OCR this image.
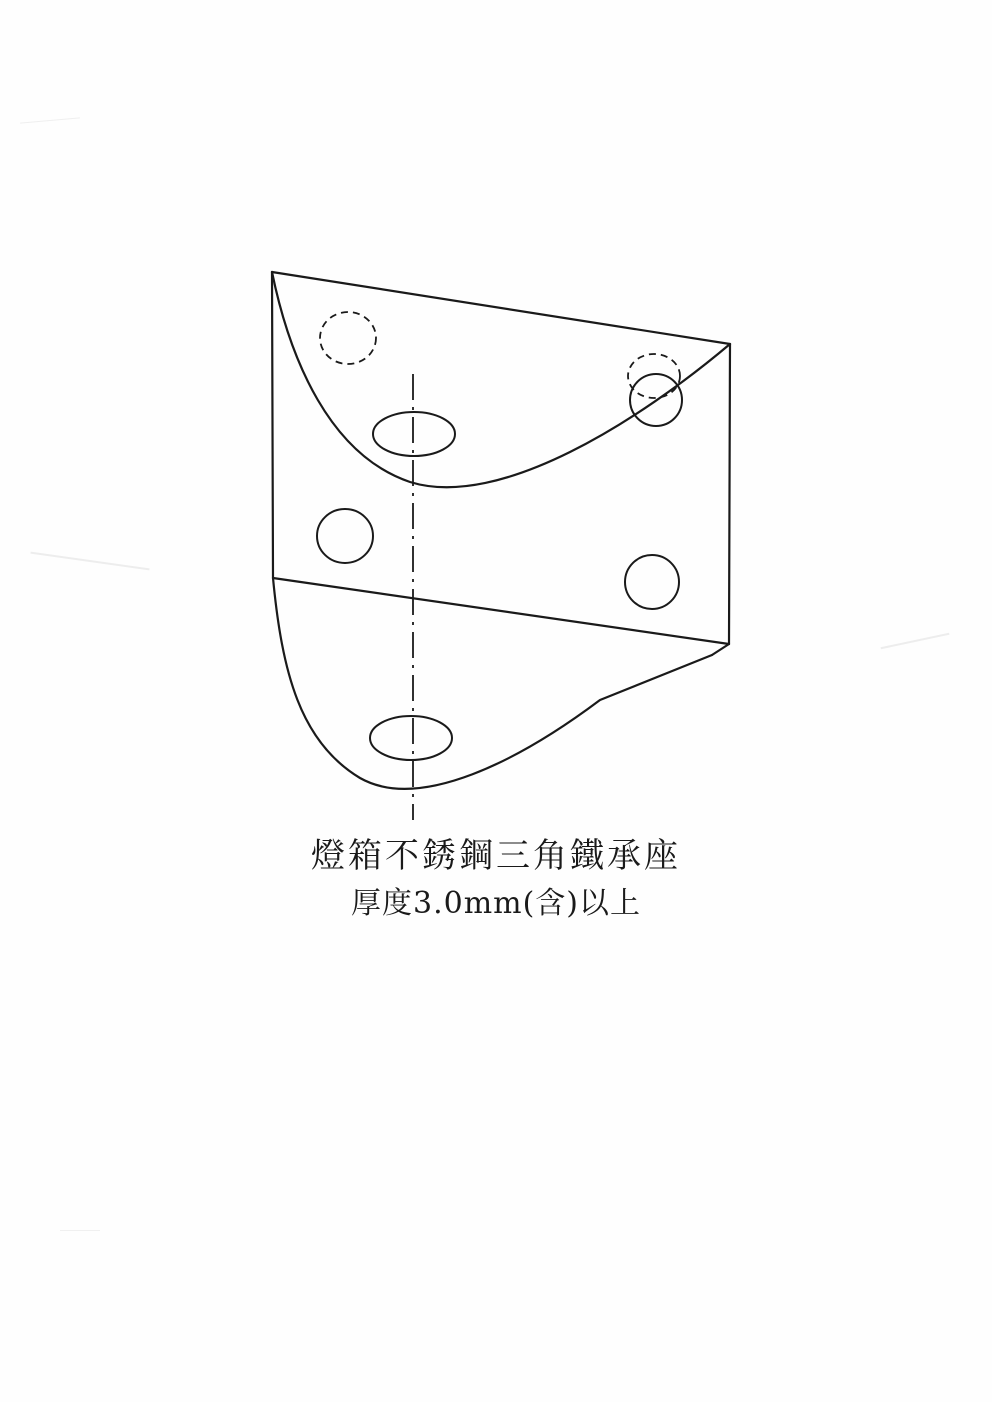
燈箱不銹鋼三角鐵承座
厚度3.0mm(含)以上
